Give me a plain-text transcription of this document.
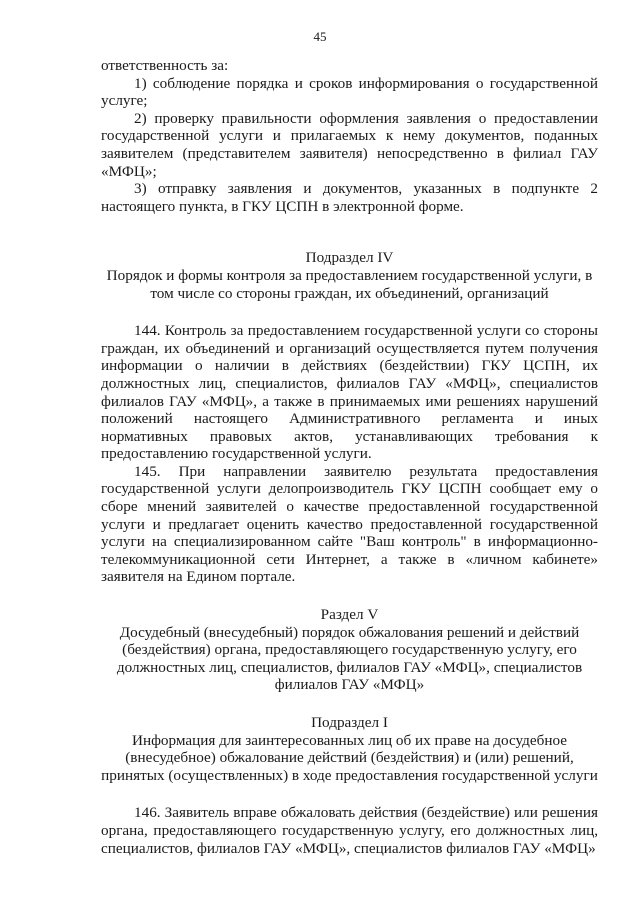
45

ответственность за:

1) соблюдение порядка и сроков информирования о государственной услуге;

2) проверку правильности оформления заявления о предоставлении государственной услуги и прилагаемых к нему документов, поданных заявителем (представителем заявителя) непосредственно в филиал ГАУ «МФЦ»;

3) отправку заявления и документов, указанных в подпункте 2 настоящего пункта, в ГКУ ЦСПН в электронной форме.

Подраздел IV

Порядок и формы контроля за предоставлением государственной услуги, в том числе со стороны граждан, их объединений, организаций

144. Контроль за предоставлением государственной услуги со стороны граждан, их объединений и организаций осуществляется путем получения информации о наличии в действиях (бездействии) ГКУ ЦСПН, их должностных лиц, специалистов, филиалов ГАУ «МФЦ», специалистов филиалов ГАУ «МФЦ», а также в принимаемых ими решениях нарушений положений настоящего Административного регламента и иных нормативных правовых актов, устанавливающих требования к предоставлению государственной услуги.

145. При направлении заявителю результата предоставления государственной услуги делопроизводитель ГКУ ЦСПН сообщает ему о сборе мнений заявителей о качестве предоставленной государственной услуги и предлагает оценить качество предоставленной государственной услуги на специализированном сайте "Ваш контроль" в информационно-телекоммуникационной сети Интернет, а также в «личном кабинете» заявителя на Едином портале.

Раздел V

Досудебный (внесудебный) порядок обжалования решений и действий (бездействия) органа, предоставляющего государственную услугу, его должностных лиц, специалистов, филиалов ГАУ «МФЦ», специалистов филиалов ГАУ «МФЦ»

Подраздел I

Информация для заинтересованных лиц об их праве на досудебное (внесудебное) обжалование действий (бездействия) и (или) решений, принятых (осуществленных) в ходе предоставления государственной услуги

146. Заявитель вправе обжаловать действия (бездействие) или решения органа, предоставляющего государственную услугу, его должностных лиц, специалистов, филиалов ГАУ «МФЦ», специалистов филиалов ГАУ «МФЦ»
